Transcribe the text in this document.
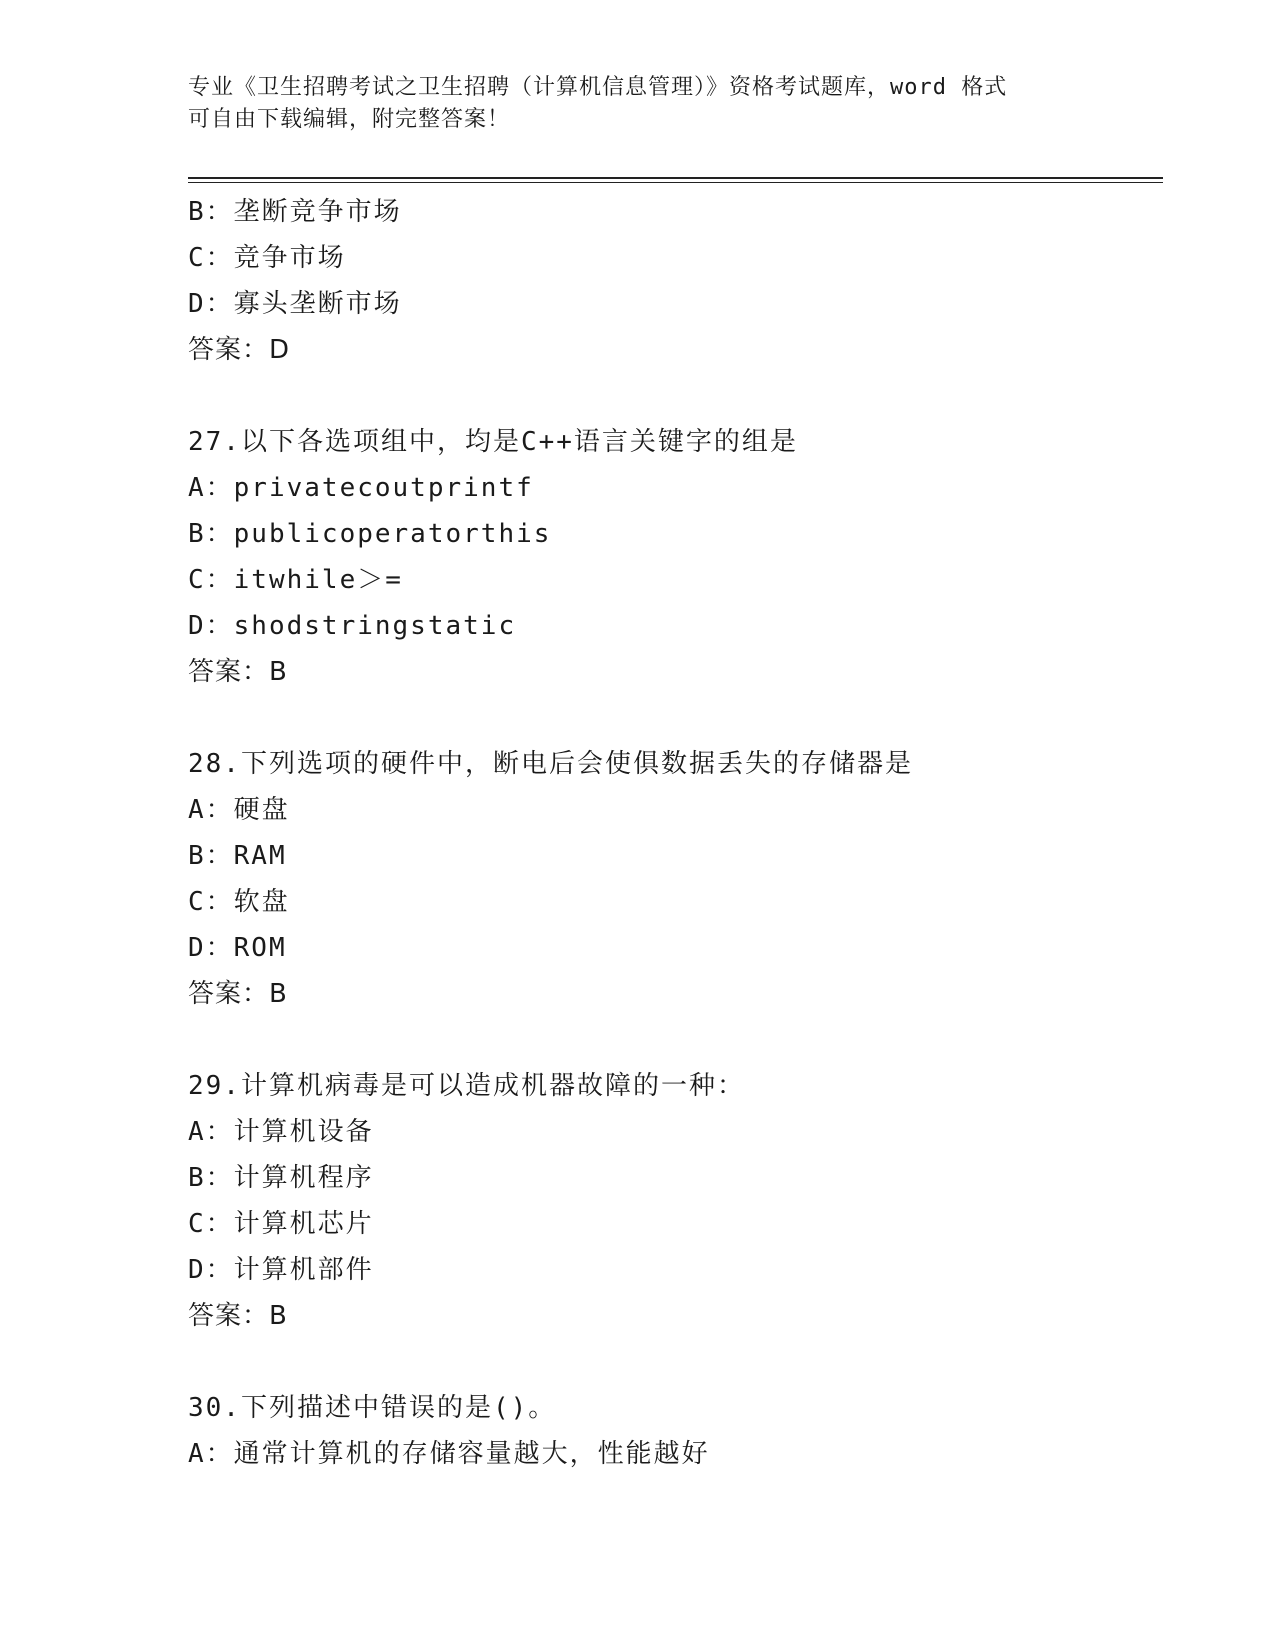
专业《卫生招聘考试之卫生招聘（计算机信息管理）》资格考试题库，word 格式
可自由下载编辑，附完整答案！
B：垄断竞争市场
C：竞争市场
D：寡头垄断市场
答案：D
27.以下各选项组中，均是C++语言关键字的组是
A：privatecoutprintf
B：publicoperatorthis
C：itwhile＞=
D：shodstringstatic
答案：B
28.下列选项的硬件中，断电后会使俱数据丢失的存储器是
A：硬盘
B：RAM
C：软盘
D：ROM
答案：B
29.计算机病毒是可以造成机器故障的一种：
A：计算机设备
B：计算机程序
C：计算机芯片
D：计算机部件
答案：B
30.下列描述中错误的是()。
A：通常计算机的存储容量越大，性能越好
